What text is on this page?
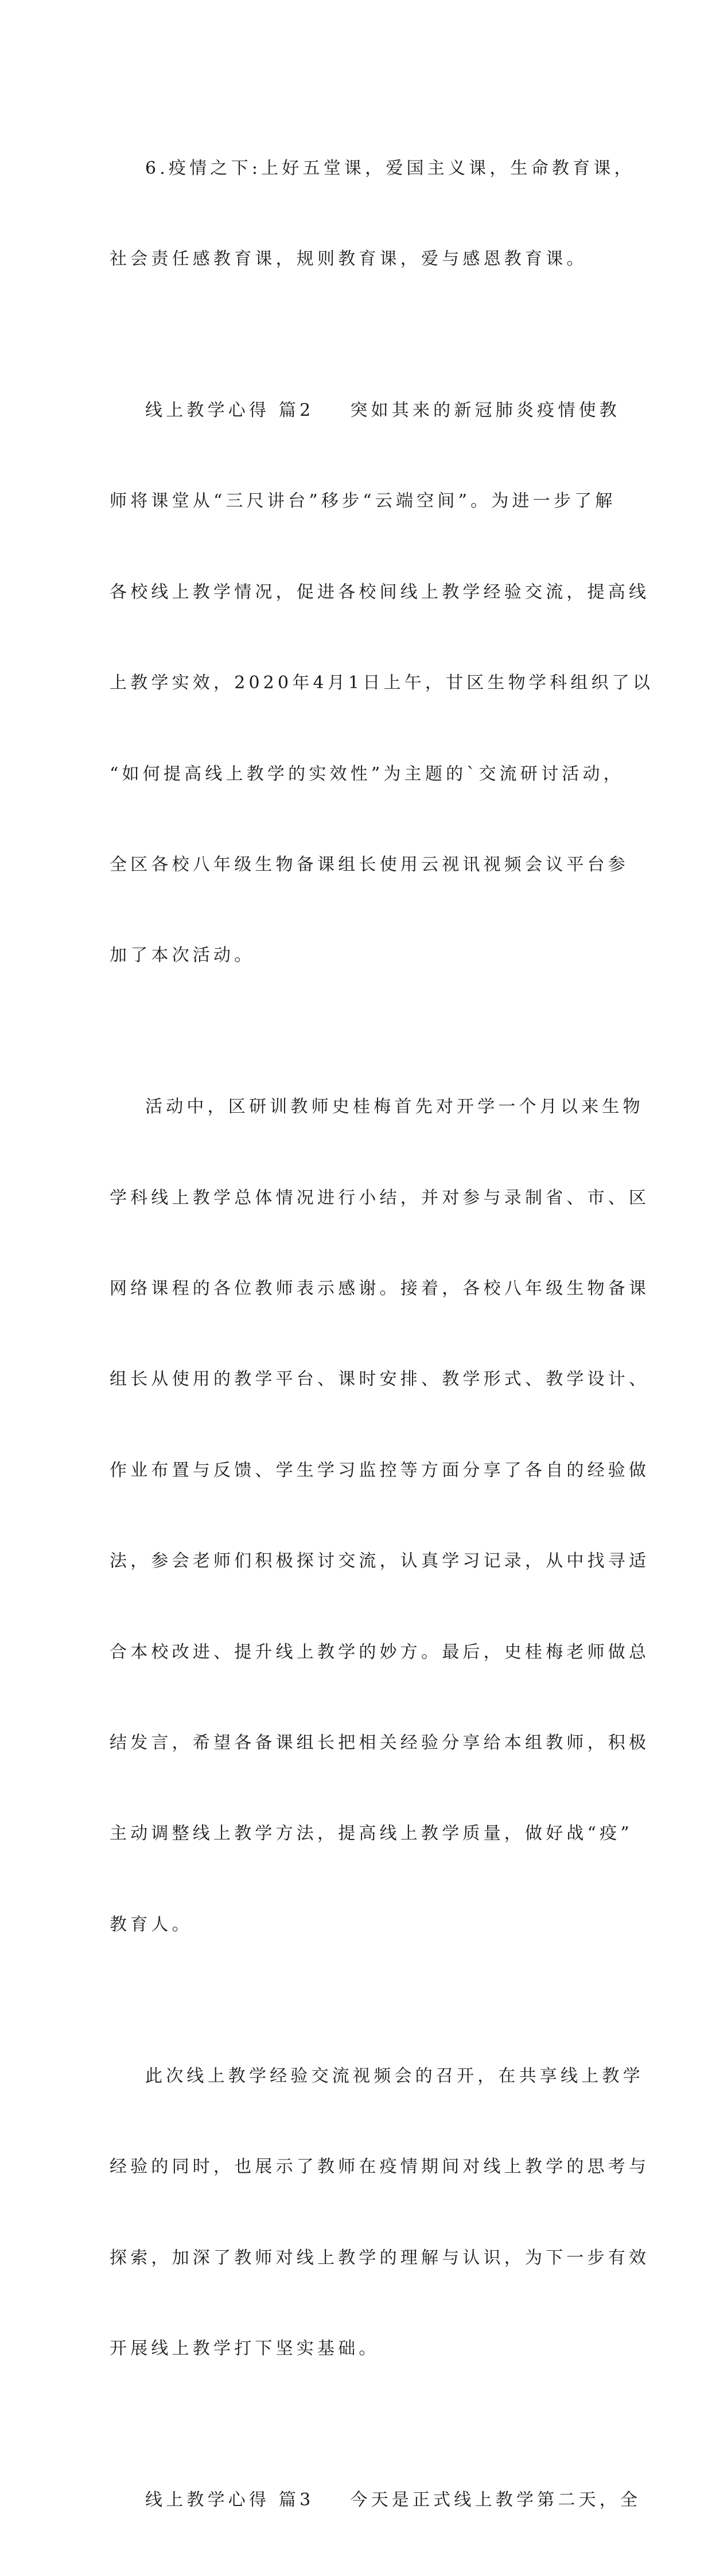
6.疫情之下:上好五堂课，爱国主义课，生命教育课，

社会责任感教育课，规则教育课，爱与感恩教育课。

线上教学心得 篇2    突如其来的新冠肺炎疫情使教

师将课堂从“三尺讲台”移步“云端空间”。为进一步了解

各校线上教学情况，促进各校间线上教学经验交流，提高线

上教学实效，2020年4月1日上午，甘区生物学科组织了以

“如何提高线上教学的实效性”为主题的`交流研讨活动，

全区各校八年级生物备课组长使用云视讯视频会议平台参

加了本次活动。

活动中，区研训教师史桂梅首先对开学一个月以来生物

学科线上教学总体情况进行小结，并对参与录制省、市、区

网络课程的各位教师表示感谢。接着，各校八年级生物备课

组长从使用的教学平台、课时安排、教学形式、教学设计、

作业布置与反馈、学生学习监控等方面分享了各自的经验做

法，参会老师们积极探讨交流，认真学习记录，从中找寻适

合本校改进、提升线上教学的妙方。最后，史桂梅老师做总

结发言，希望各备课组长把相关经验分享给本组教师，积极

主动调整线上教学方法，提高线上教学质量，做好战“疫”

教育人。

此次线上教学经验交流视频会的召开，在共享线上教学

经验的同时，也展示了教师在疫情期间对线上教学的思考与

探索，加深了教师对线上教学的理解与认识，为下一步有效

开展线上教学打下坚实基础。

线上教学心得 篇3    今天是正式线上教学第二天，全
